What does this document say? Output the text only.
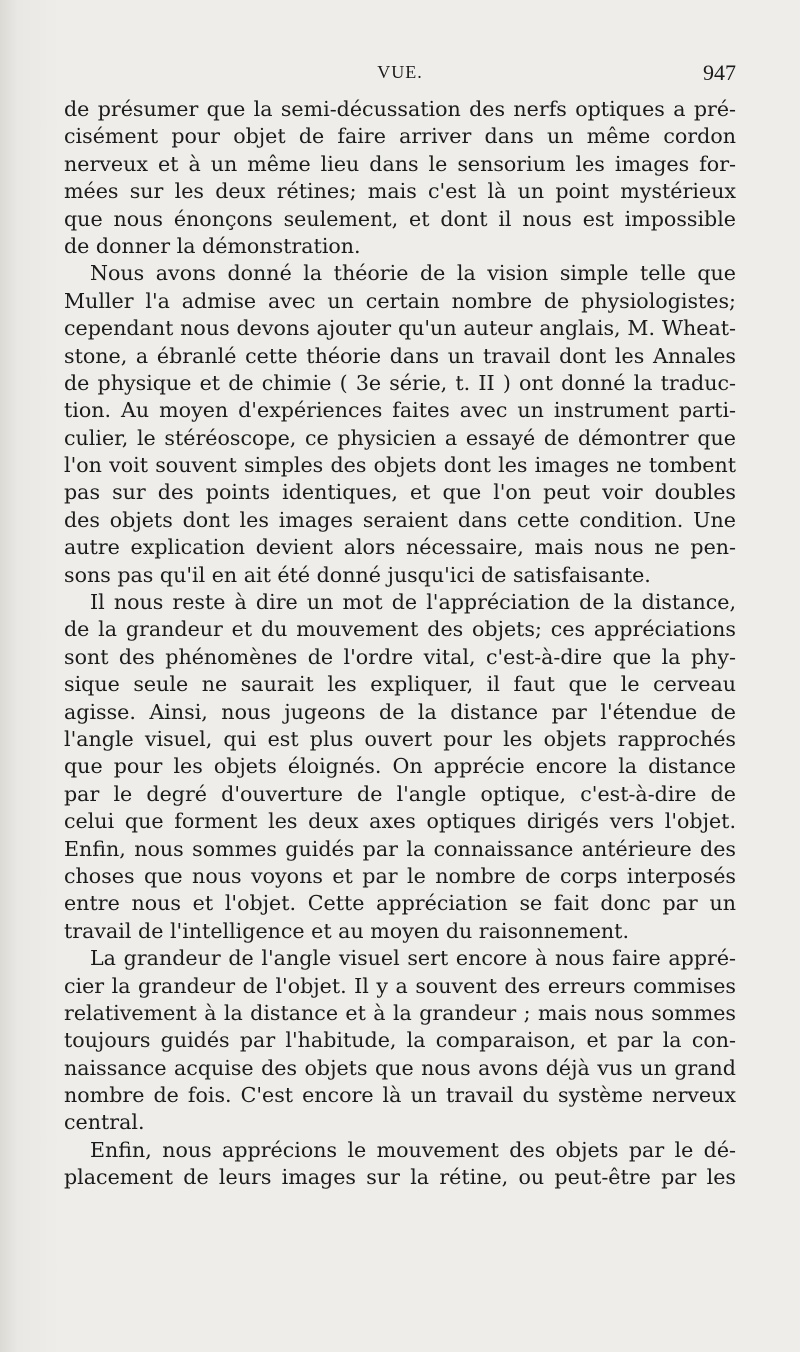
VUE.	947
de présumer que la semi-décussation des nerfs optiques a pré-
cisément pour objet de faire arriver dans un même cordon
nerveux et à un même lieu dans le sensorium les images for-
mées sur les deux rétines; mais c'est là un point mystérieux
que nous énonçons seulement, et dont il nous est impossible
de donner la démonstration.
Nous avons donné la théorie de la vision simple telle que
Muller l'a admise avec un certain nombre de physiologistes;
cependant nous devons ajouter qu'un auteur anglais, M. Wheat-
stone, a ébranlé cette théorie dans un travail dont les Annales
de physique et de chimie ( 3e série, t. II ) ont donné la traduc-
tion. Au moyen d'expériences faites avec un instrument parti-
culier, le stéréoscope, ce physicien a essayé de démontrer que
l'on voit souvent simples des objets dont les images ne tombent
pas sur des points identiques, et que l'on peut voir doubles
des objets dont les images seraient dans cette condition. Une
autre explication devient alors nécessaire, mais nous ne pen-
sons pas qu'il en ait été donné jusqu'ici de satisfaisante.
Il nous reste à dire un mot de l'appréciation de la distance,
de la grandeur et du mouvement des objets; ces appréciations
sont des phénomènes de l'ordre vital, c'est-à-dire que la phy-
sique seule ne saurait les expliquer, il faut que le cerveau
agisse. Ainsi, nous jugeons de la distance par l'étendue de
l'angle visuel, qui est plus ouvert pour les objets rapprochés
que pour les objets éloignés. On apprécie encore la distance
par le degré d'ouverture de l'angle optique, c'est-à-dire de
celui que forment les deux axes optiques dirigés vers l'objet.
Enfin, nous sommes guidés par la connaissance antérieure des
choses que nous voyons et par le nombre de corps interposés
entre nous et l'objet. Cette appréciation se fait donc par un
travail de l'intelligence et au moyen du raisonnement.
La grandeur de l'angle visuel sert encore à nous faire appré-
cier la grandeur de l'objet. Il y a souvent des erreurs commises
relativement à la distance et à la grandeur ; mais nous sommes
toujours guidés par l'habitude, la comparaison, et par la con-
naissance acquise des objets que nous avons déjà vus un grand
nombre de fois. C'est encore là un travail du système nerveux
central.
Enfin, nous apprécions le mouvement des objets par le dé-
placement de leurs images sur la rétine, ou peut-être par les
